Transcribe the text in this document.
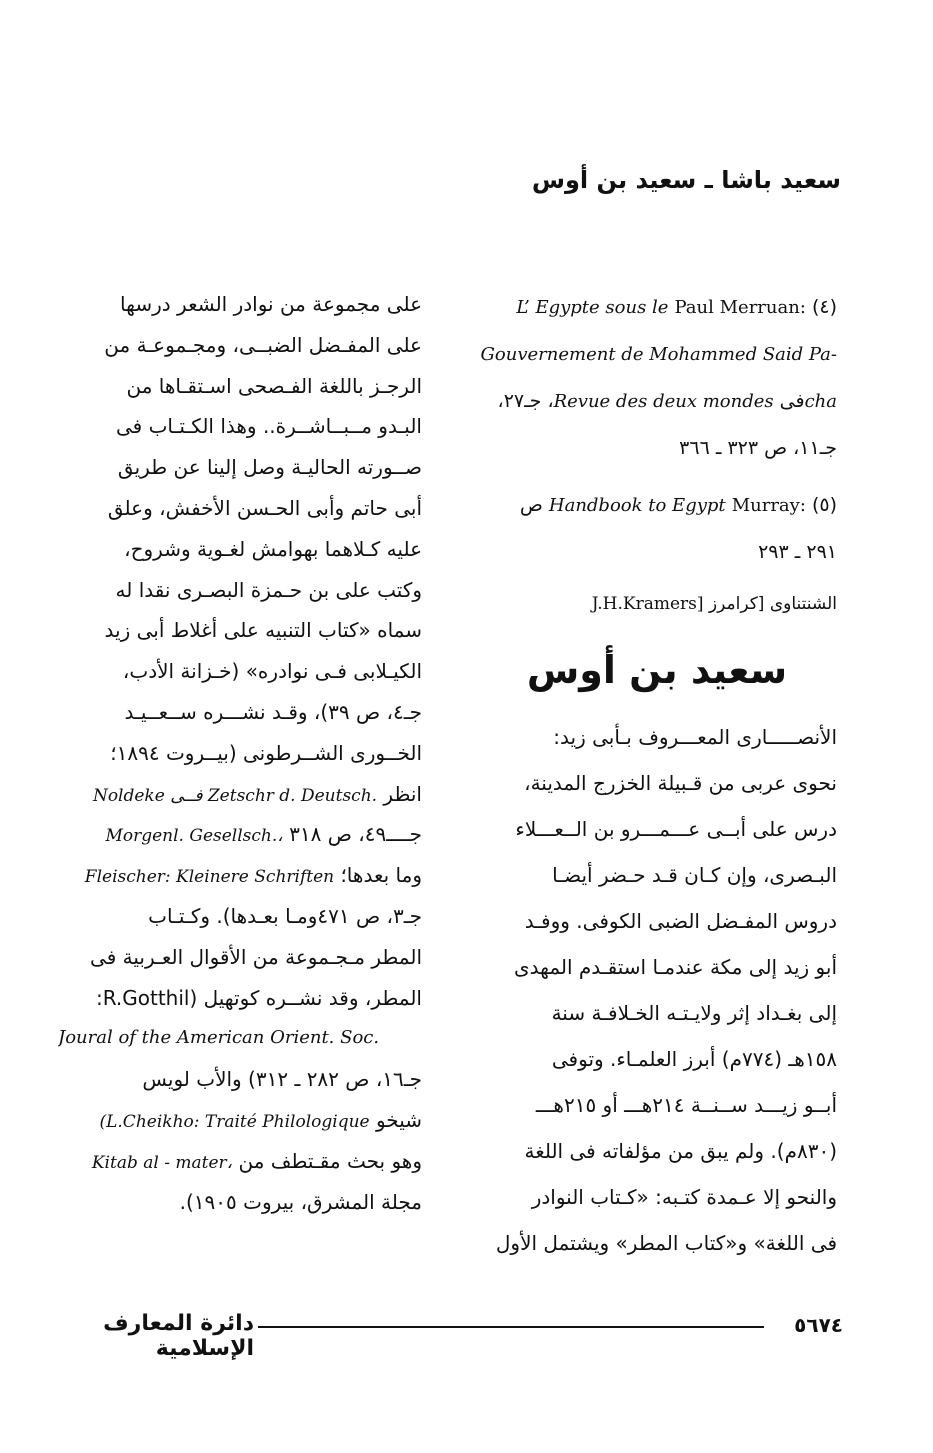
سعيد باشا ـ سعيد بن أوس
(٤) Paul Merruan: L’ Egypte sous le
Gouvernement de Mohammed Said Pa-
chaفى Revue des deux mondes، جـ٢٧،
جـ١١، ص ٣٢٣ ـ ٣٦٦
(٥) Murray: Handbook to Egypt ص
٢٩١ ـ ٢٩٣
الشنتناوى [كرامرز J.H.Kramers]
سعيد بن أوس
الأنصـــــارى المعـــروف بـأبى زيد:
نحوى عربى من قـبيلة الخزرج المدينة،
درس على أبــى عـــمـــرو بن الــعـــلاء
البـصرى، وإن كـان قـد حـضر أيضـا
دروس المفـضل الضبى الكوفى. ووفـد
أبو زيد إلى مكة عندمـا استقـدم المهدى
إلى بغـداد إثر ولايـتـه الخـلافـة سنة
١٥٨هـ (٧٧٤م) أبرز العلمـاء. وتوفى
أبــو زيـــد ســنــة ٢١٤هـــ أو ٢١٥هـــ
(٨٣٠م). ولم يبق من مؤلفاته فى اللغة
والنحو إلا عـمدة كتـبه: «كـتاب النوادر
فى اللغة» و«كتاب المطر» ويشتمل الأول
على مجموعة من نوادر الشعر درسها
على المفـضل الضبــى، ومجـموعـة من
الرجـز باللغة الفـصحى اسـتقـاها من
البـدو مــبــاشــرة.. وهذا الكـتـاب فى
صــورته الحاليـة وصل إلينا عن طريق
أبى حاتم وأبى الحـسن الأخفش، وعلق
عليه كـلاهما بهوامش لغـوية وشروح،
وكتب على بن حـمزة البصـرى نقدا له
سماه «كتاب التنبيه على أغلاط أبى زيد
الكيـلابى فـى نوادره» (خـزانة الأدب،
جـ٤، ص ٣٩)، وقـد نشـــره ســعــيـد
الخــورى الشــرطونى (بيــروت ١٨٩٤؛
انظر Noldeke فــى Zetschr d. Deutsch.
جــــ٤٩، ص ٣١٨ Morgenl. Gesellsch.،
وما بعدها؛ Fleischer: Kleinere Schriften
جـ٣، ص ٤٧١ومـا بعـدها). وكـتـاب
المطر مـجـموعة من الأقوال العـربية فى
المطر، وقد نشــره كوتهيل (R.Gotthil:
Joural of the American Orient. Soc.
جـ١٦، ص ٢٨٢ ـ ٣١٢) والأب لويس
شيخو (L.Cheikho: Traité Philologique
وهو بحث مقـتطف من Kitab al - mater،
مجلة المشرق، بيروت ١٩٠٥).
٥٦٧٤
دائرة المعارف الإسلامية
